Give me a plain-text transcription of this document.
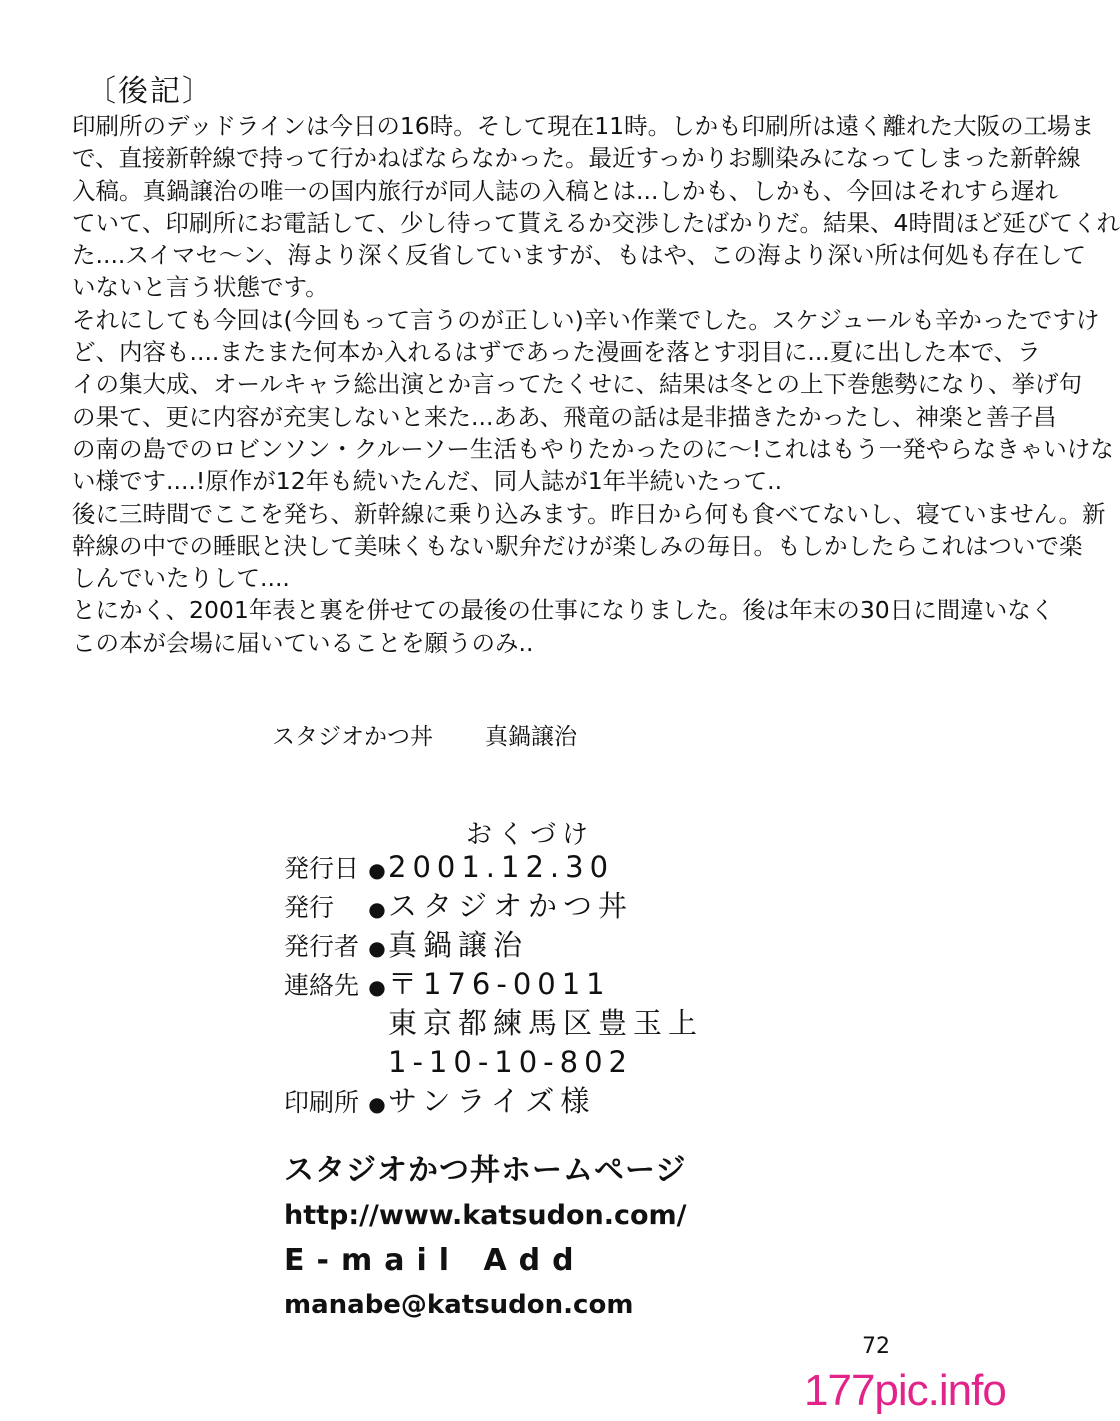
〔後記〕
印刷所のデッドラインは今日の16時。そして現在11時。しかも印刷所は遠く離れた大阪の工場ま
で、直接新幹線で持って行かねばならなかった。最近すっかりお馴染みになってしまった新幹線
入稿。真鍋譲治の唯一の国内旅行が同人誌の入稿とは...しかも、しかも、今回はそれすら遅れ
ていて、印刷所にお電話して、少し待って貰えるか交渉したばかりだ。結果、4時間ほど延びてくれ
た....スイマセ〜ン、海より深く反省していますが、もはや、この海より深い所は何処も存在して
いないと言う状態です。
それにしても今回は(今回もって言うのが正しい)辛い作業でした。スケジュールも辛かったですけ
ど、内容も....またまた何本か入れるはずであった漫画を落とす羽目に...夏に出した本で、ラ
イの集大成、オールキャラ総出演とか言ってたくせに、結果は冬との上下巻態勢になり、挙げ句
の果て、更に内容が充実しないと来た...ああ、飛竜の話は是非描きたかったし、神楽と善子昌
の南の島でのロビンソン・クルーソー生活もやりたかったのに〜!これはもう一発やらなきゃいけな
い様です....!原作が12年も続いたんだ、同人誌が1年半続いたって..
後に三時間でここを発ち、新幹線に乗り込みます。昨日から何も食べてないし、寝ていません。新
幹線の中での睡眠と決して美味くもない駅弁だけが楽しみの毎日。もしかしたらこれはついで楽
しんでいたりして....
とにかく、2001年表と裏を併せての最後の仕事になりました。後は年末の30日に間違いなく
この本が会場に届いていることを願うのみ..
スタジオかつ丼 真鍋譲治
おくづけ
発行日 ●2001.12.30
発行 ●スタジオかつ丼
発行者 ●真鍋譲治
連絡先 ●〒176-0011
東京都練馬区豊玉上
1-10-10-802
印刷所 ●サンライズ様
スタジオかつ丼ホームページ
http://www.katsudon.com/
E-mail Add
manabe@katsudon.com
72
177pic.info
